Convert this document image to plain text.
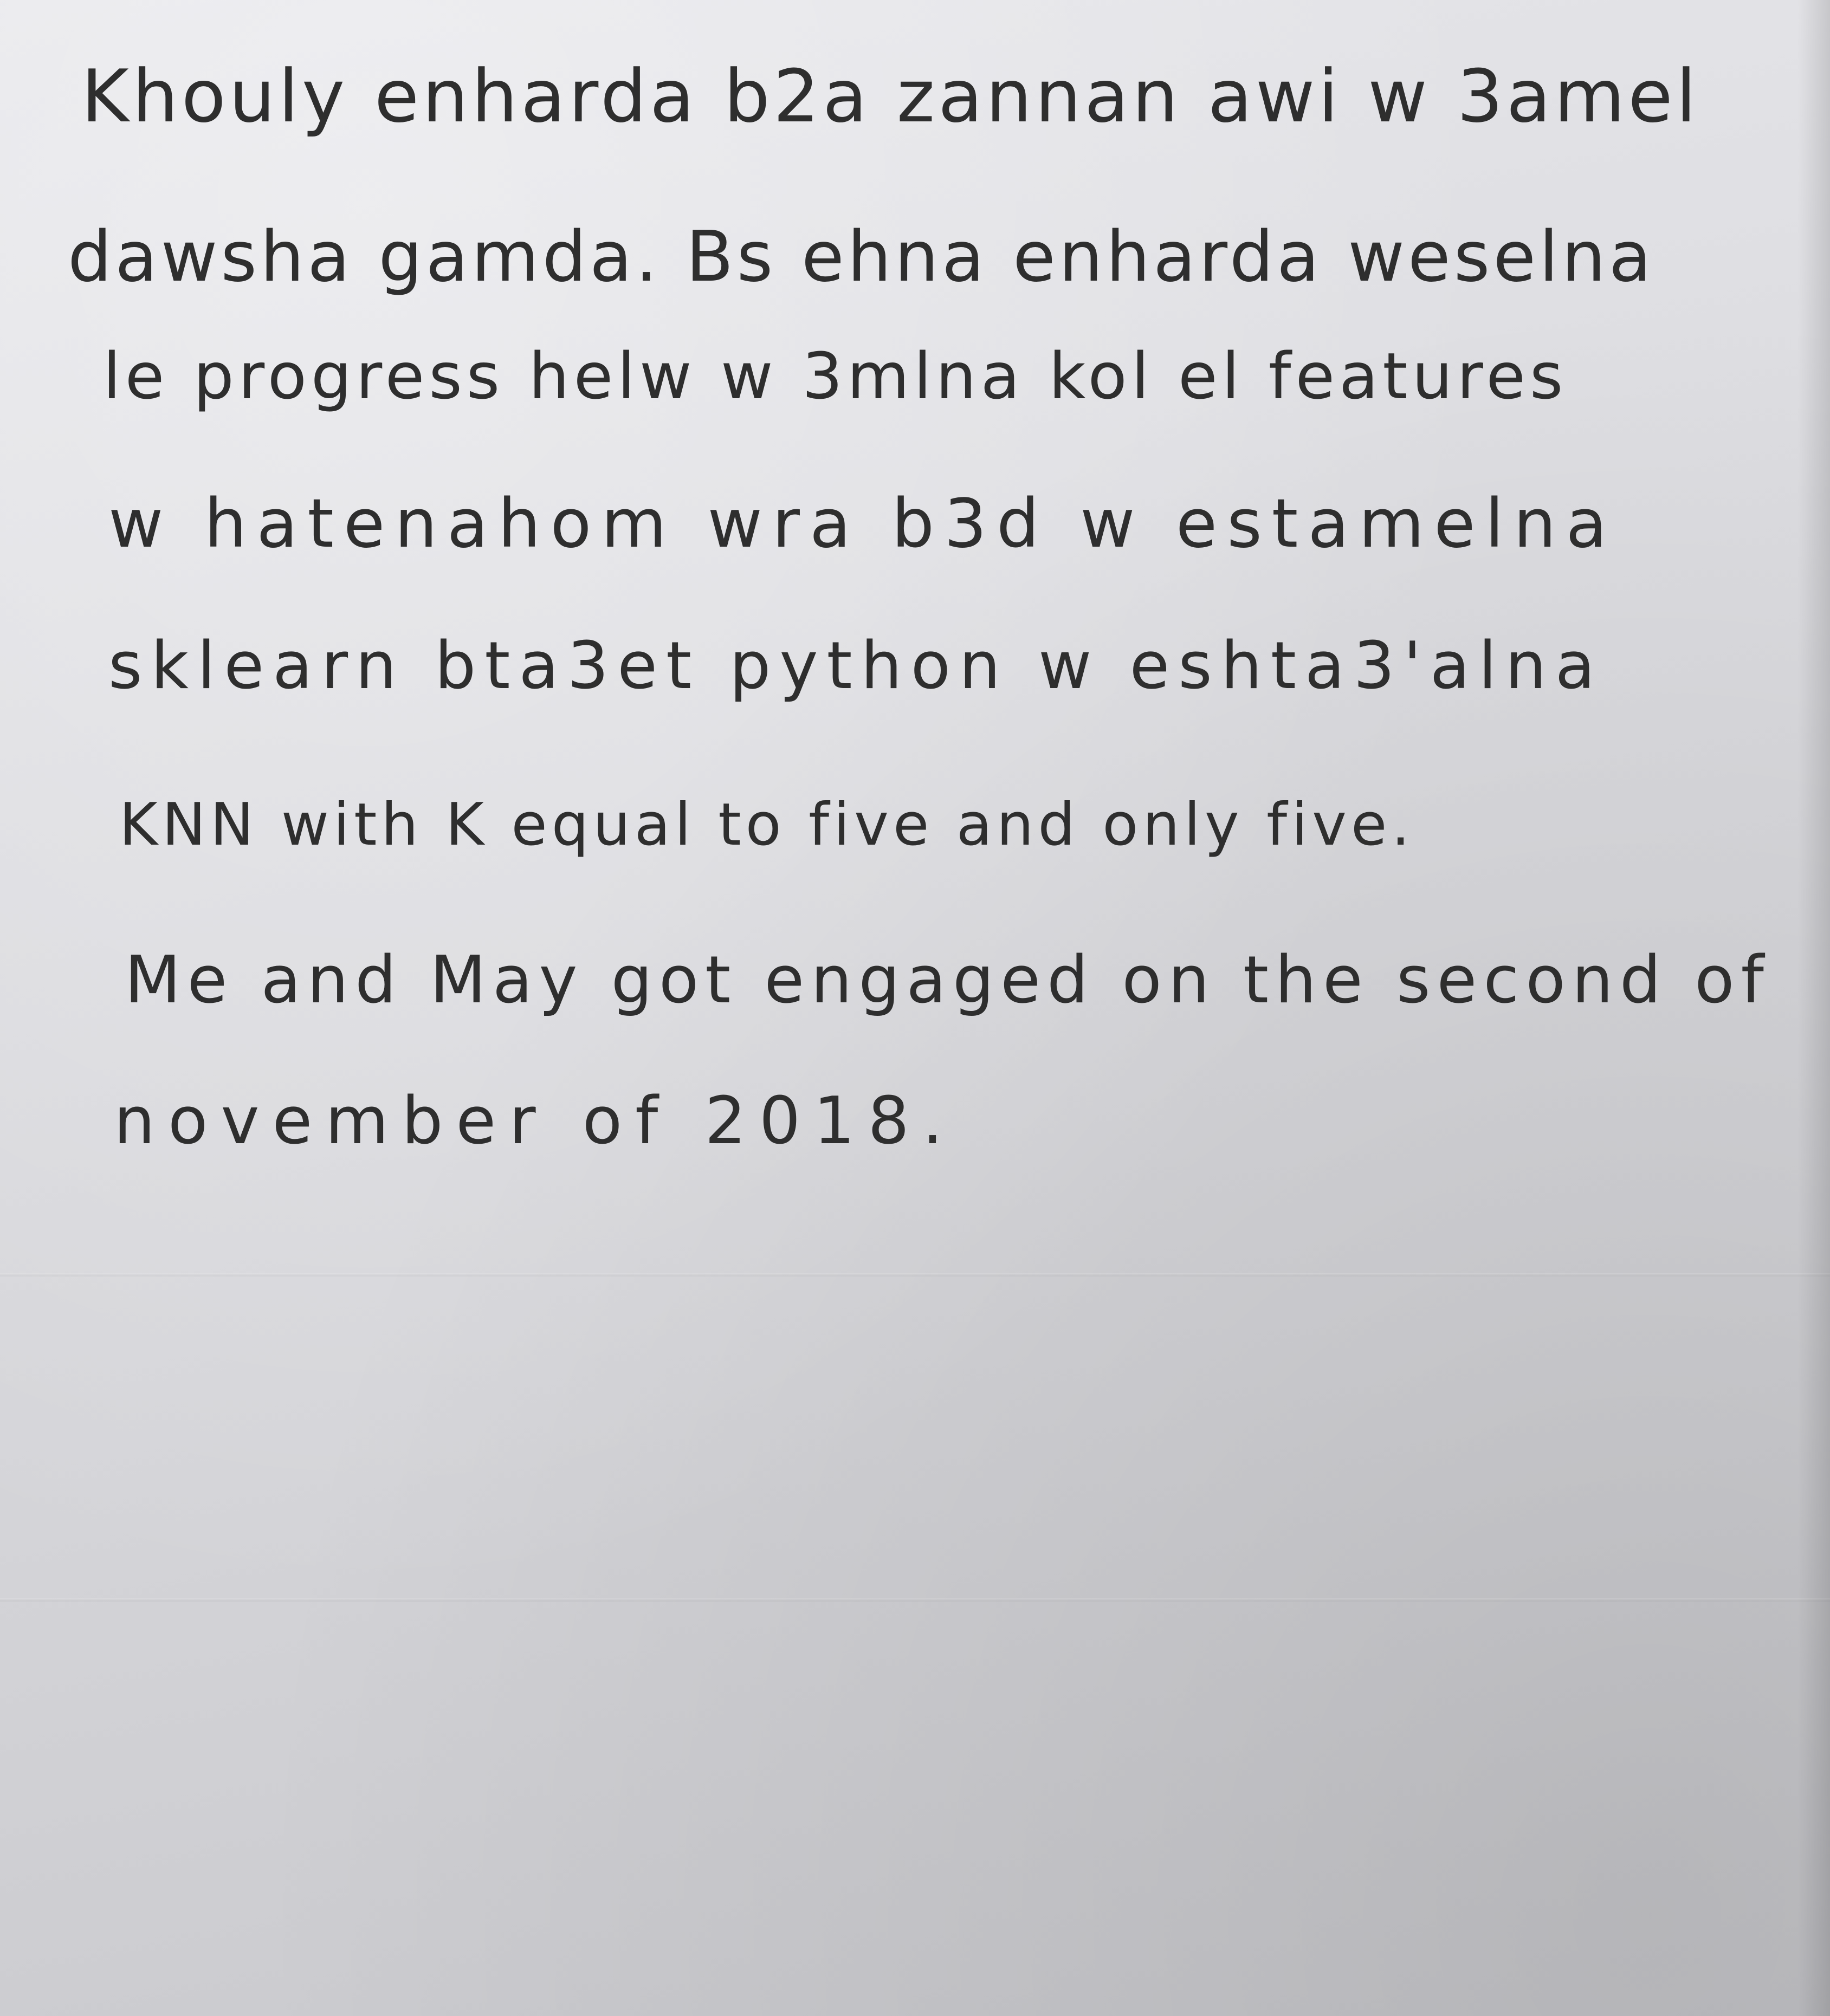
Khouly enharda b2a zannan awi w 3amel

dawsha gamda. Bs ehna enharda weselna

le progress helw w 3mlna kol el features

w hatenahom wra b3d w estamelna

sklearn bta3et python w eshta3'alna

KNN with K equal to five and only five.

Me and May got engaged on the second of

november of 2018.
